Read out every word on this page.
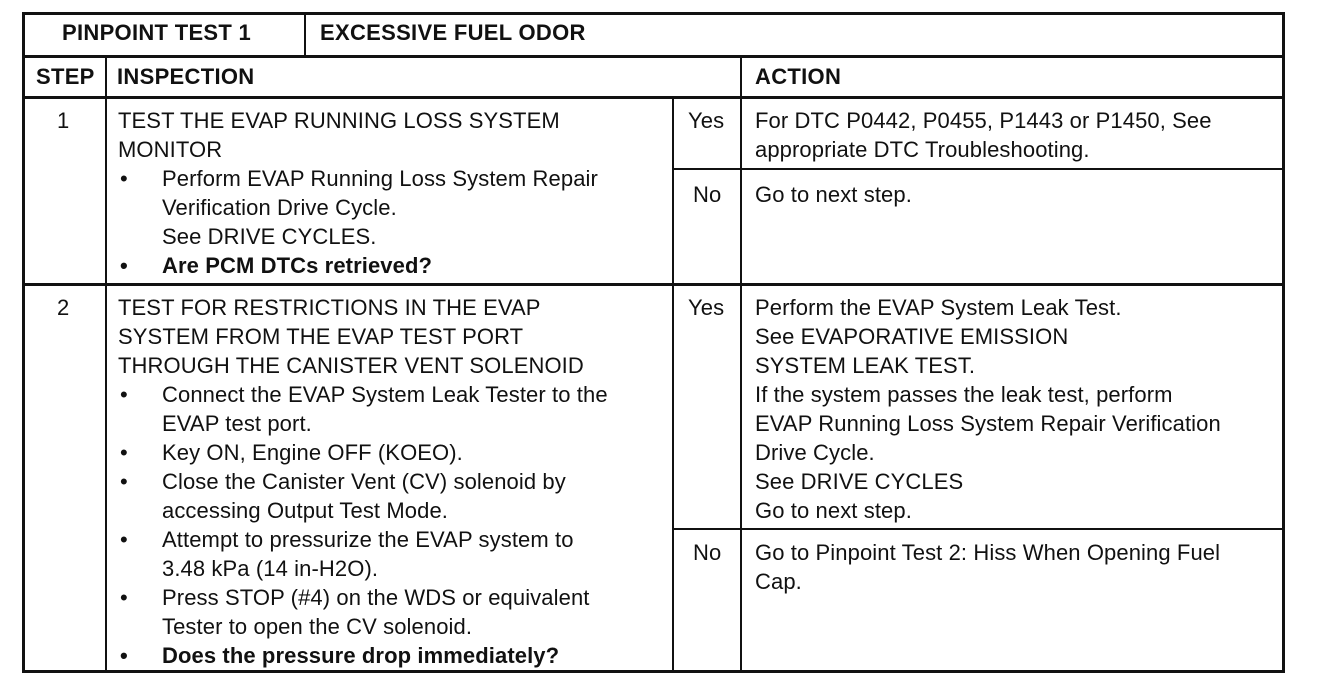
PINPOINT TEST 1	EXCESSIVE FUEL ODOR
STEP INSPECTION	ACTION
1 TEST THE EVAP RUNNING LOSS SYSTEM
MONITOR
• Perform EVAP Running Loss System Repair
Verification Drive Cycle.
See DRIVE CYCLES.
• Are PCM DTCs retrieved?
Yes For DTC P0442, P0455, P1443 or P1450, See
appropriate DTC Troubleshooting.
No Go to next step.
2 TEST FOR RESTRICTIONS IN THE EVAP
SYSTEM FROM THE EVAP TEST PORT
THROUGH THE CANISTER VENT SOLENOID
• Connect the EVAP System Leak Tester to the
EVAP test port.
• Key ON, Engine OFF (KOEO).
• Close the Canister Vent (CV) solenoid by
accessing Output Test Mode.
• Attempt to pressurize the EVAP system to
3.48 kPa (14 in-H2O).
• Press STOP (#4) on the WDS or equivalent
Tester to open the CV solenoid.
• Does the pressure drop immediately?
Yes Perform the EVAP System Leak Test.
See EVAPORATIVE EMISSION
SYSTEM LEAK TEST.
If the system passes the leak test, perform
EVAP Running Loss System Repair Verification
Drive Cycle.
See DRIVE CYCLES
Go to next step.
No Go to Pinpoint Test 2: Hiss When Opening Fuel
Cap.
